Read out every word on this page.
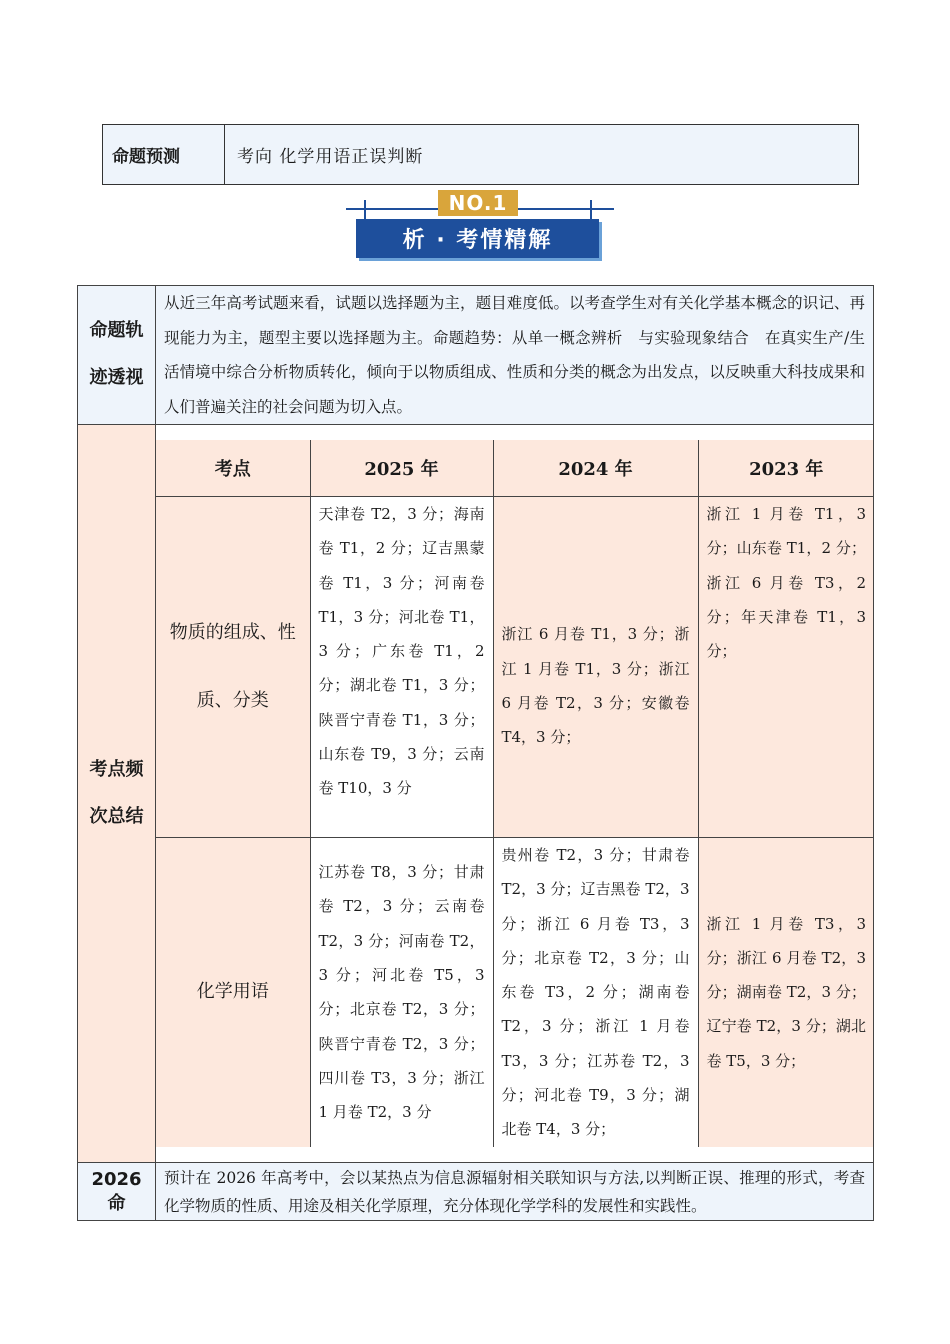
命题预测	考向 化学用语正误判断
NO.1
析 · 考情精解
命题轨
迹透视
	从近三年高考试题来看，试题以选择题为主，题目难度低。以考查学生对有关化学基本概念的识记、再现能力为主，题型主要以选择题为主。命题趋势：从单一概念辨析　与实验现象结合　在真实生产/生活情境中综合分析物质转化，倾向于以物质组成、性质和分类的概念为出发点，以反映重大科技成果和人们普遍关注的社会问题为切入点。

考点频
次总结

考点	2025 年	2024 年	2023 年

物质的组成、性
质、分类
	天津卷 T2，3 分；海南卷 T1，2 分；辽吉黑蒙卷 T1，3 分；河南卷 T1，3 分；河北卷 T1，3 分；广东卷 T1，2 分；湖北卷 T1，3 分；陕晋宁青卷 T1，3 分；山东卷 T9，3 分；云南卷 T10，3 分	浙江 6 月卷 T1，3 分；浙江 1 月卷 T1，3 分；浙江 6 月卷 T2，3 分；安徽卷 T4，3 分；	浙江 1 月卷 T1，3 分；山东卷 T1，2 分；浙江 6 月卷 T3，2 分；年天津卷 T1，3 分；

化学用语
	江苏卷 T8，3 分；甘肃卷 T2，3 分；云南卷 T2，3 分；河南卷 T2，3 分；河北卷 T5，3 分；北京卷 T2，3 分；陕晋宁青卷 T2，3 分；四川卷 T3，3 分；浙江 1 月卷 T2，3 分	贵州卷 T2，3 分；甘肃卷 T2，3 分；辽吉黑卷 T2，3 分；浙江 6 月卷 T3，3 分；北京卷 T2，3 分；山东卷 T3，2 分；湖南卷 T2，3 分；浙江 1 月卷 T3，3 分；江苏卷 T2，3 分；河北卷 T9，3 分；湖北卷 T4，3 分；	浙江 1 月卷 T3，3 分；浙江 6 月卷 T2，3 分；湖南卷 T2，3 分；辽宁卷 T2，3 分；湖北卷 T5，3 分；

2026 命	预计在 2026 年高考中，会以某热点为信息源辐射相关联知识与方法,以判断正误、推理的形式，考查化学物质的性质、用途及相关化学原理，充分体现化学学科的发展性和实践性。
